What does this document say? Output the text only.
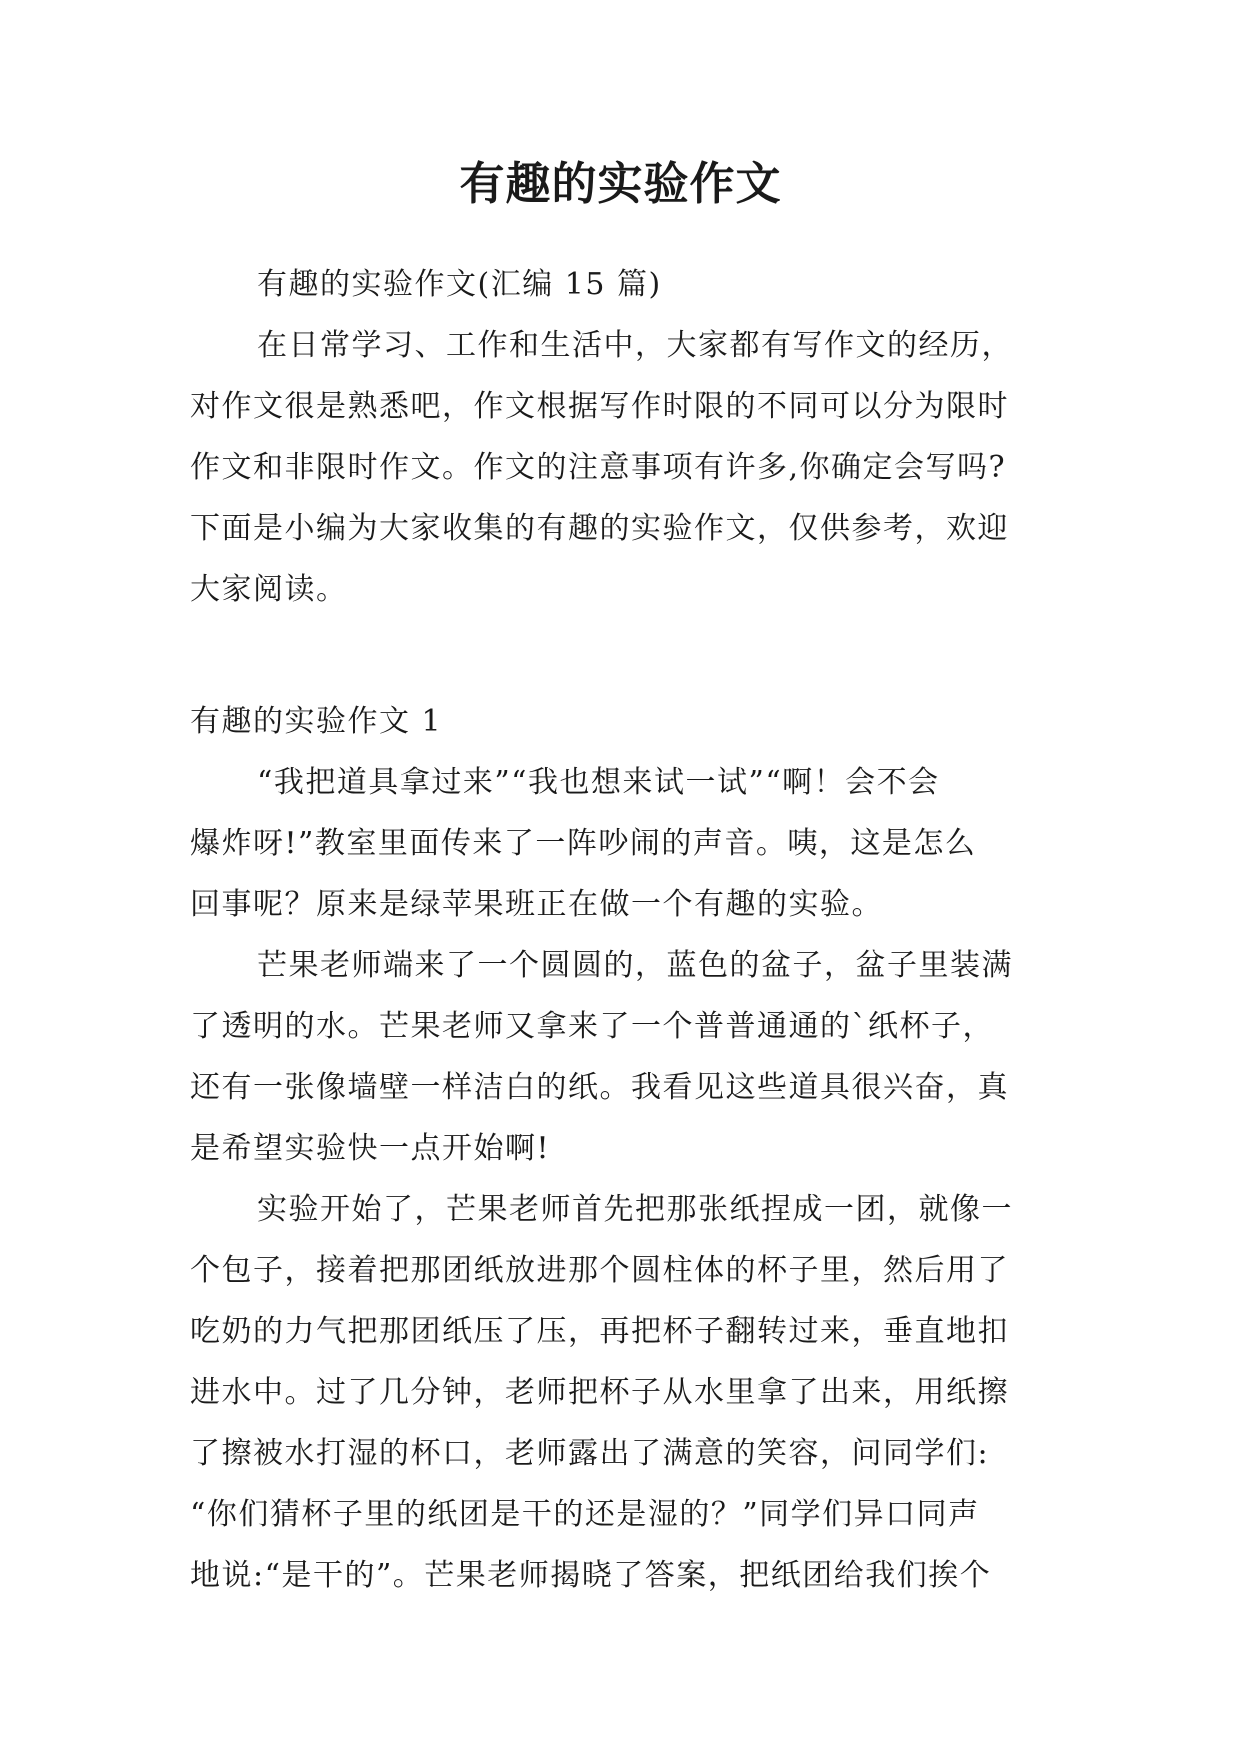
有趣的实验作文
有趣的实验作文(汇编 15 篇)
在日常学习、工作和生活中，大家都有写作文的经历，
对作文很是熟悉吧，作文根据写作时限的不同可以分为限时
作文和非限时作文。作文的注意事项有许多,你确定会写吗?
下面是小编为大家收集的有趣的实验作文，仅供参考，欢迎
大家阅读。
有趣的实验作文 1
“我把道具拿过来”“我也想来试一试”“啊！会不会
爆炸呀!”教室里面传来了一阵吵闹的声音。咦，这是怎么
回事呢？原来是绿苹果班正在做一个有趣的实验。
芒果老师端来了一个圆圆的，蓝色的盆子，盆子里装满
了透明的水。芒果老师又拿来了一个普普通通的`纸杯子，
还有一张像墙壁一样洁白的纸。我看见这些道具很兴奋，真
是希望实验快一点开始啊!
实验开始了，芒果老师首先把那张纸捏成一团，就像一
个包子，接着把那团纸放进那个圆柱体的杯子里，然后用了
吃奶的力气把那团纸压了压，再把杯子翻转过来，垂直地扣
进水中。过了几分钟，老师把杯子从水里拿了出来，用纸擦
了擦被水打湿的杯口，老师露出了满意的笑容，问同学们:
“你们猜杯子里的纸团是干的还是湿的？”同学们异口同声
地说:“是干的”。芒果老师揭晓了答案，把纸团给我们挨个
